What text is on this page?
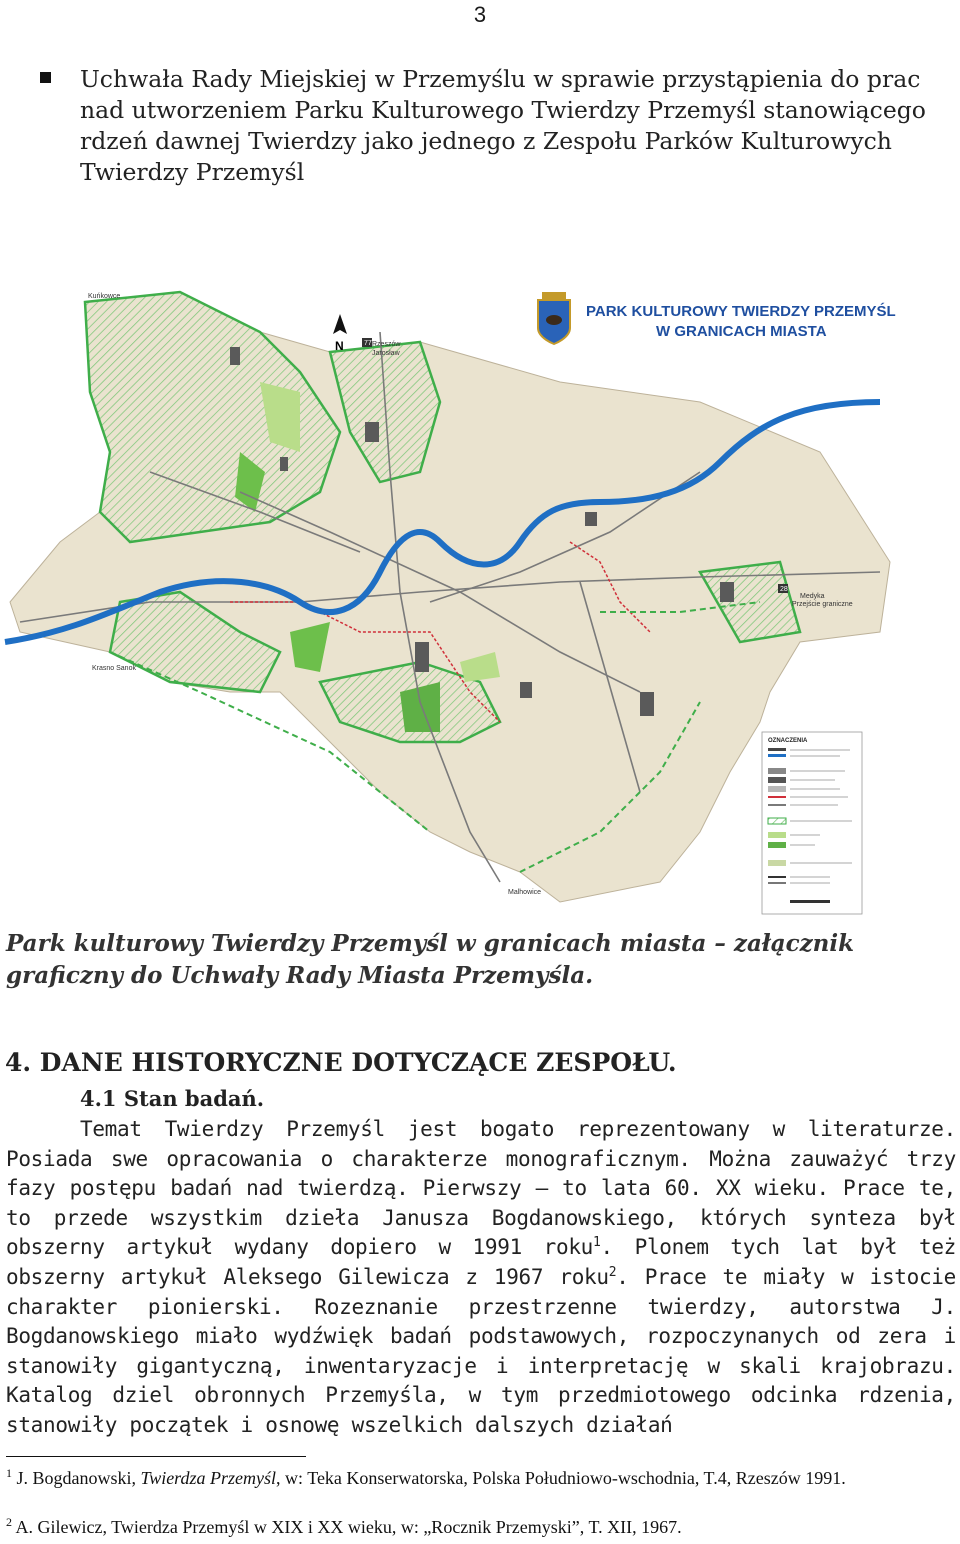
3
Uchwała Rady Miejskiej w Przemyślu w sprawie przystąpienia do prac nad utworzeniem Parku Kulturowego Twierdzy Przemyśl stanowiącego rdzeń dawnej Twierdzy jako jednego z Zespołu Parków Kulturowych Twierdzy Przemyśl
N
PARK KULTUROWY TWIERDZY PRZEMYŚL
W GRANICACH MIASTA
Kuńkowce
Rzeszów
Jarosław
Krasno Sanok
Medyka
Przejście graniczne
Malhowice
77
28
OZNACZENIA
Park kulturowy Twierdzy Przemyśl w granicach miasta – załącznik graficzny do Uchwały Rady Miasta Przemyśla.
4. DANE HISTORYCZNE DOTYCZĄCE ZESPOŁU.
4.1 Stan badań.

Temat Twierdzy Przemyśl jest bogato reprezentowany w literaturze. Posiada swe opracowania o charakterze monograficznym. Można zauważyć trzy fazy postępu badań nad twierdzą. Pierwszy – to lata 60. XX wieku. Prace te, to przede wszystkim dzieła Janusza Bogdanowskiego, których synteza był obszerny artykuł wydany dopiero w 1991 roku$^1$. Plonem tych lat był też obszerny artykuł Aleksego Gilewicza z 1967 roku$^2$. Prace te miały w istocie charakter pionierski. Rozeznanie przestrzenne twierdzy, autorstwa J. Bogdanowskiego miało wydźwięk badań podstawowych, rozpoczynanych od zera i stanowiły gigantyczną, inwentaryzacje i interpretację w skali krajobrazu. Katalog dziel obronnych Przemyśla, w tym przedmiotowego odcinka rdzenia, stanowiły początek i osnowę wszelkich dalszych działań

$^1$ J. Bogdanowski, Twierdza Przemyśl, w: Teka Konserwatorska, Polska Południowo-wschodnia, T.4, Rzeszów 1991.
$^2$ A. Gilewicz, Twierdza Przemyśl w XIX i XX wieku, w: „Rocznik Przemyski”, T. XII, 1967.
